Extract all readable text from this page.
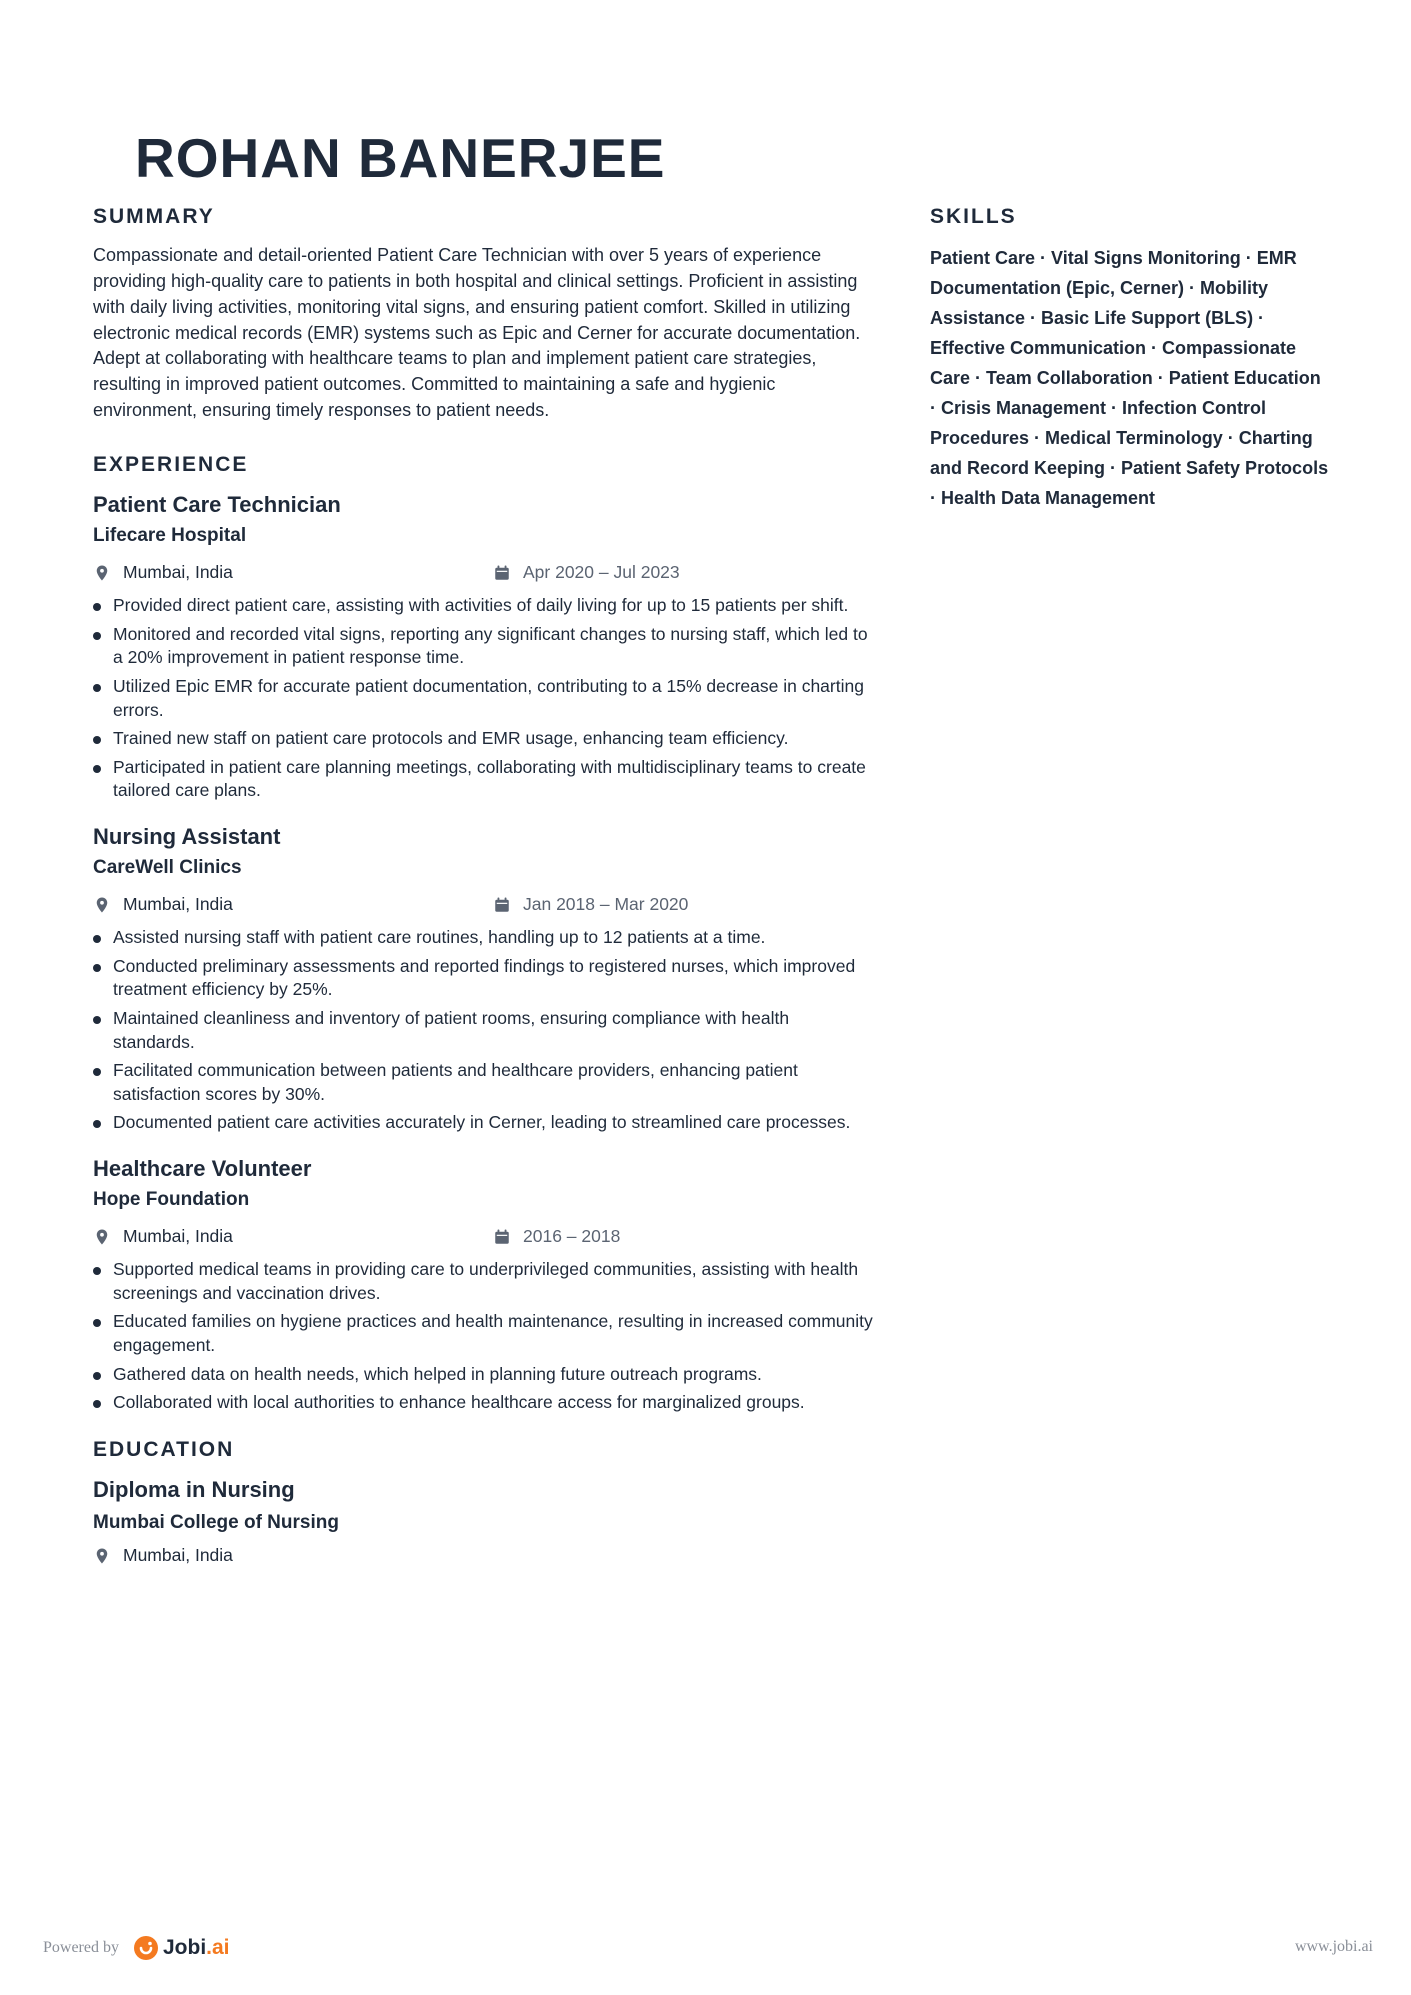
ROHAN BANERJEE
SUMMARY

Compassionate and detail-oriented Patient Care Technician with over 5 years of experience providing high-quality care to patients in both hospital and clinical settings. Proficient in assisting with daily living activities, monitoring vital signs, and ensuring patient comfort. Skilled in utilizing electronic medical records (EMR) systems such as Epic and Cerner for accurate documentation. Adept at collaborating with healthcare teams to plan and implement patient care strategies, resulting in improved patient outcomes. Committed to maintaining a safe and hygienic environment, ensuring timely responses to patient needs.

EXPERIENCE
Patient Care Technician
Lifecare Hospital
Mumbai, India	Apr 2020 – Jul 2023
Provided direct patient care, assisting with activities of daily living for up to 15 patients per shift.
Monitored and recorded vital signs, reporting any significant changes to nursing staff, which led to a 20% improvement in patient response time.
Utilized Epic EMR for accurate patient documentation, contributing to a 15% decrease in charting errors.
Trained new staff on patient care protocols and EMR usage, enhancing team efficiency.
Participated in patient care planning meetings, collaborating with multidisciplinary teams to create tailored care plans.
Nursing Assistant
CareWell Clinics
Mumbai, India	Jan 2018 – Mar 2020
Assisted nursing staff with patient care routines, handling up to 12 patients at a time.
Conducted preliminary assessments and reported findings to registered nurses, which improved treatment efficiency by 25%.
Maintained cleanliness and inventory of patient rooms, ensuring compliance with health standards.
Facilitated communication between patients and healthcare providers, enhancing patient satisfaction scores by 30%.
Documented patient care activities accurately in Cerner, leading to streamlined care processes.
Healthcare Volunteer
Hope Foundation
Mumbai, India	2016 – 2018
Supported medical teams in providing care to underprivileged communities, assisting with health screenings and vaccination drives.
Educated families on hygiene practices and health maintenance, resulting in increased community engagement.
Gathered data on health needs, which helped in planning future outreach programs.
Collaborated with local authorities to enhance healthcare access for marginalized groups.
EDUCATION
Diploma in Nursing
Mumbai College of Nursing
Mumbai, India
SKILLS

Patient Care · Vital Signs Monitoring · EMR Documentation (Epic, Cerner) · Mobility Assistance · Basic Life Support (BLS) · Effective Communication · Compassionate Care · Team Collaboration · Patient Education · Crisis Management · Infection Control Procedures · Medical Terminology · Charting and Record Keeping · Patient Safety Protocols · Health Data Management

Powered by Jobi.ai	www.jobi.ai
